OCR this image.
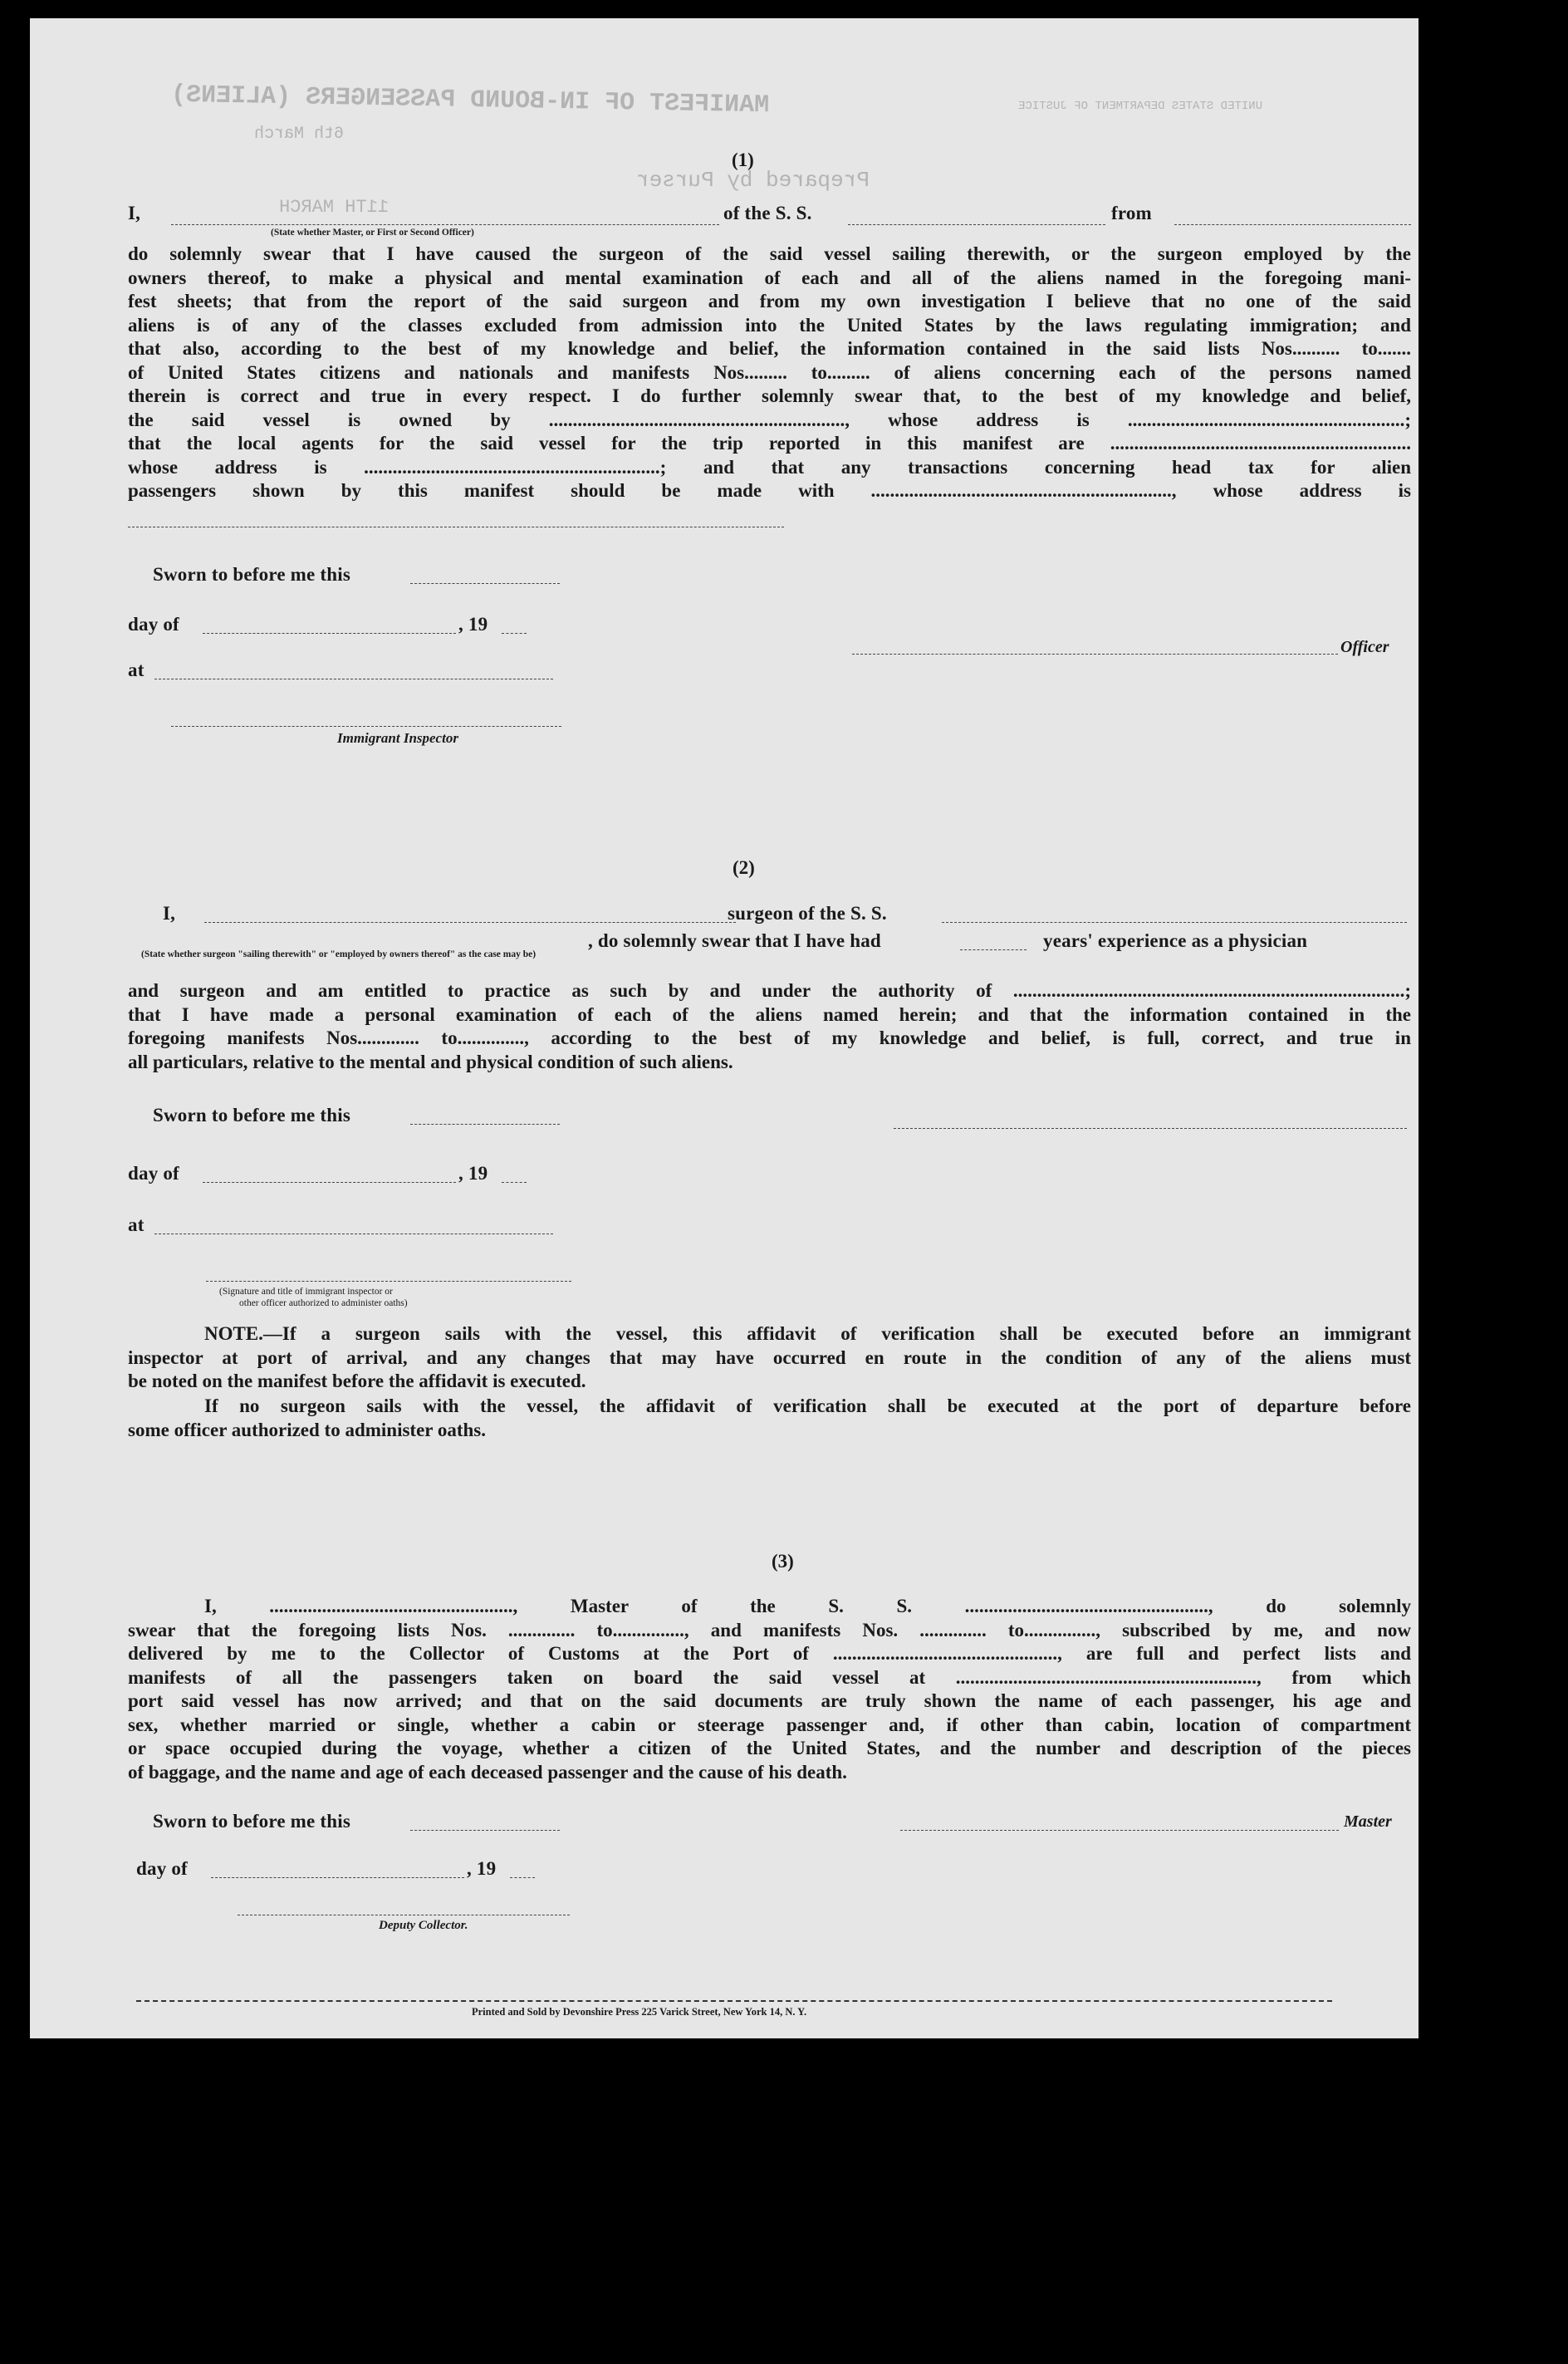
MANIFEST OF IN-BOUND PASSENGERS (ALIENS)
6th March
UNITED STATES DEPARTMENT OF JUSTICE
Prepared by Purser
11TH MARCH
(1)
I,	of the S. S.	from
(State whether Master, or First or Second Officer)
do solemnly swear that I have caused the surgeon of the said vessel sailing therewith, or the surgeon employed by the
owners thereof, to make a physical and mental examination of each and all of the aliens named in the foregoing mani-
fest sheets; that from the report of the said surgeon and from my own investigation I believe that no one of the said
aliens is of any of the classes excluded from admission into the United States by the laws regulating immigration; and
that also, according to the best of my knowledge and belief, the information contained in the said lists Nos.......... to.......
of United States citizens and nationals and manifests Nos......... to......... of aliens concerning each of the persons named
therein is correct and true in every respect. I do further solemnly swear that, to the best of my knowledge and belief,
the said vessel is owned by .............................................................., whose address is ..........................................................;
that the local agents for the said vessel for the trip reported in this manifest are ...............................................................
whose address is ..............................................................; and that any transactions concerning head tax for alien
passengers shown by this manifest should be made with ..............................................................., whose address is
Sworn to before me this
day of	, 19
at
Officer
Immigrant Inspector
(2)
I,	surgeon of the S. S.
(State whether surgeon "sailing therewith" or "employed by owners thereof" as the case may be)
, do solemnly swear that I have had	years' experience as a physician
and surgeon and am entitled to practice as such by and under the authority of ..................................................................................;
that I have made a personal examination of each of the aliens named herein; and that the information contained in the
foregoing manifests Nos............. to.............., according to the best of my knowledge and belief, is full, correct, and true in
all particulars, relative to the mental and physical condition of such aliens.
Sworn to before me this
day of	, 19
at
(Signature and title of immigrant inspector or
other officer authorized to administer oaths)
NOTE.—If a surgeon sails with the vessel, this affidavit of verification shall be executed before an immigrant
inspector at port of arrival, and any changes that may have occurred en route in the condition of any of the aliens must
be noted on the manifest before the affidavit is executed.
If no surgeon sails with the vessel, the affidavit of verification shall be executed at the port of departure before
some officer authorized to administer oaths.
(3)
I, ..................................................., Master of the S. S. ..................................................., do solemnly
swear that the foregoing lists Nos. .............. to..............., and manifests Nos. .............. to..............., subscribed by me, and now
delivered by me to the Collector of Customs at the Port of ..............................................., are full and perfect lists and
manifests of all the passengers taken on board the said vessel at ..............................................................., from which
port said vessel has now arrived; and that on the said documents are truly shown the name of each passenger, his age and
sex, whether married or single, whether a cabin or steerage passenger and, if other than cabin, location of compartment
or space occupied during the voyage, whether a citizen of the United States, and the number and description of the pieces
of baggage, and the name and age of each deceased passenger and the cause of his death.
Sworn to before me this	Master
day of	, 19
Deputy Collector.
Printed and Sold by Devonshire Press 225 Varick Street, New York 14, N. Y.
